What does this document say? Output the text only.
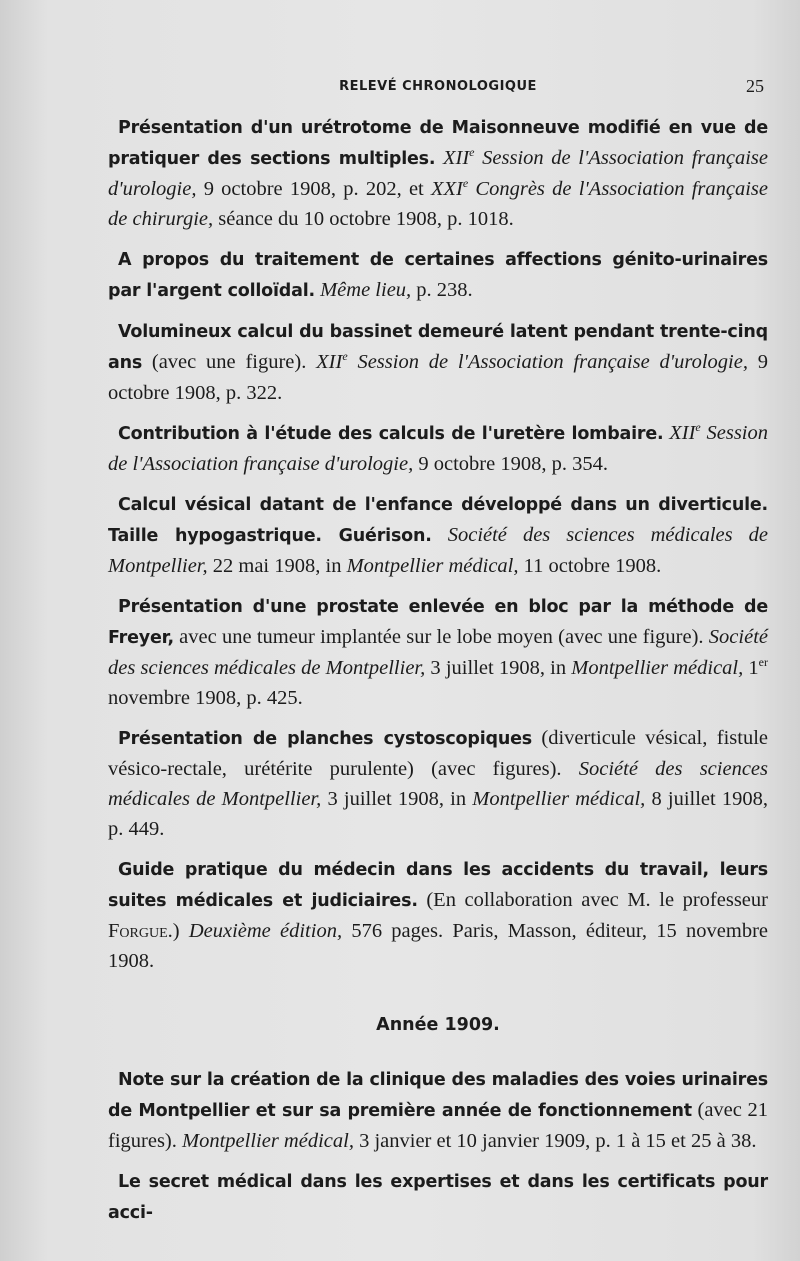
RELEVÉ CHRONOLOGIQUE	25

Présentation d'un urétrotome de Maisonneuve modifié en vue de pratiquer des sections multiples. XIIe Session de l'Association française d'urologie, 9 octobre 1908, p. 202, et XXIe Congrès de l'Association française de chirurgie, séance du 10 octobre 1908, p. 1018.

A propos du traitement de certaines affections génito-urinaires par l'argent colloïdal. Même lieu, p. 238.

Volumineux calcul du bassinet demeuré latent pendant trente-cinq ans (avec une figure). XIIe Session de l'Association française d'urologie, 9 octobre 1908, p. 322.

Contribution à l'étude des calculs de l'uretère lombaire. XIIe Session de l'Association française d'urologie, 9 octobre 1908, p. 354.

Calcul vésical datant de l'enfance développé dans un diverticule. Taille hypogastrique. Guérison. Société des sciences médicales de Montpellier, 22 mai 1908, in Montpellier médical, 11 octobre 1908.

Présentation d'une prostate enlevée en bloc par la méthode de Freyer, avec une tumeur implantée sur le lobe moyen (avec une figure). Société des sciences médicales de Montpellier, 3 juillet 1908, in Montpellier médical, 1er novembre 1908, p. 425.

Présentation de planches cystoscopiques (diverticule vésical, fistule vésico-rectale, urétérite purulente) (avec figures). Société des sciences médicales de Montpellier, 3 juillet 1908, in Montpellier médical, 8 juillet 1908, p. 449.

Guide pratique du médecin dans les accidents du travail, leurs suites médicales et judiciaires. (En collaboration avec M. le professeur Forgue.) Deuxième édition, 576 pages. Paris, Masson, éditeur, 15 novembre 1908.

Année 1909.

Note sur la création de la clinique des maladies des voies urinaires de Montpellier et sur sa première année de fonctionnement (avec 21 figures). Montpellier médical, 3 janvier et 10 janvier 1909, p. 1 à 15 et 25 à 38.

Le secret médical dans les expertises et dans les certificats pour acci-
